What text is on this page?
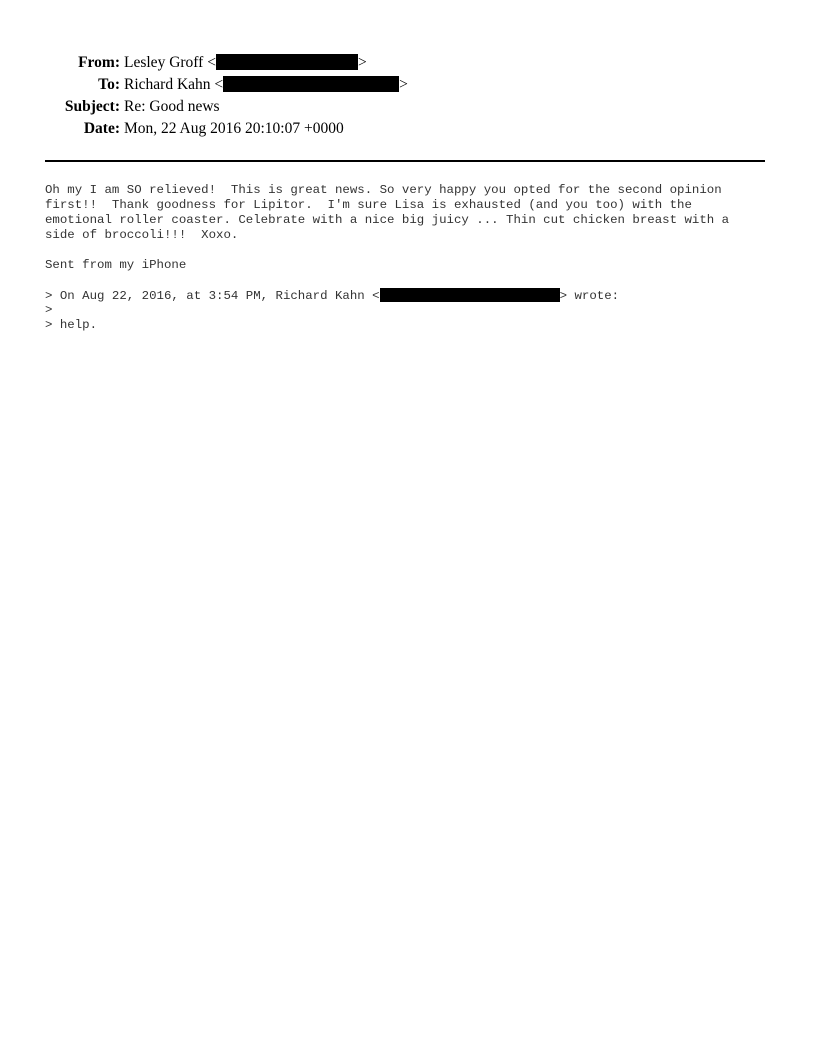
From: Lesley Groff <	>
To: Richard Kahn <	>
Subject: Re: Good news
Date: Mon, 22 Aug 2016 20:10:07 +0000
Oh my I am SO relieved!  This is great news. So very happy you opted for the second opinion
first!!  Thank goodness for Lipitor.  I'm sure Lisa is exhausted (and you too) with the
emotional roller coaster. Celebrate with a nice big juicy ... Thin cut chicken breast with a
side of broccoli!!!  Xoxo.
Sent from my iPhone
> On Aug 22, 2016, at 3:54 PM, Richard Kahn <	> wrote:
>
> help.
